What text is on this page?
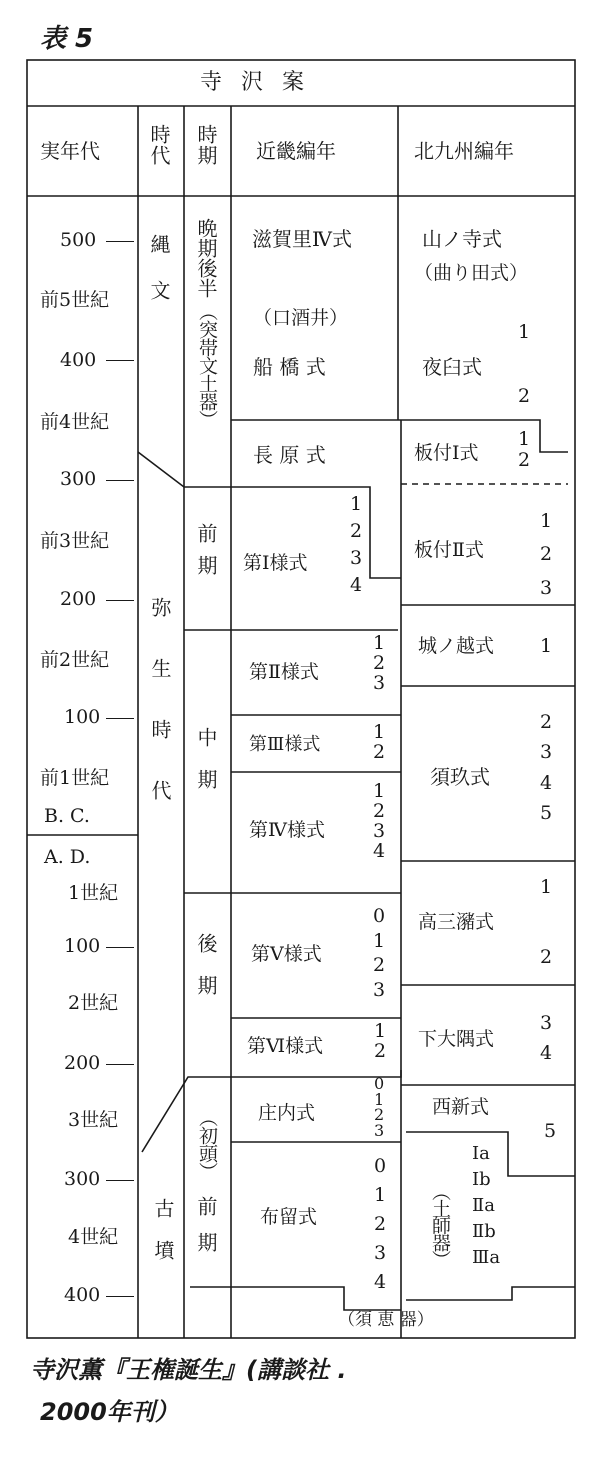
表 5
寺 沢 案
実年代 時代 時期 近畿編年	北九州編年
500
前5世紀
400
前4世紀
300
前3世紀
200
前2世紀
100
前1世紀
B. C.
A. D.
1世紀
100
2世紀
200
3世紀
300
4世紀
400
縄文
弥生時代
古墳
晩期後半
（突帯文土器）
前期
中期
後期
（初頭）
前期
滋賀里Ⅳ式
（口酒井）
船 橋 式
長 原 式
第Ⅰ様式
1
2
3
4
第Ⅱ様式
1
2
3
第Ⅲ様式
1
2
第Ⅳ様式
1
2
3
4
第Ⅴ様式
0
1
2
3
第Ⅵ様式
1
2
庄内式
0
1
2
3
布留式
0
1
2
3
4
（須 恵 器）
山ノ寺式
（曲り田式）
夜臼式
1
2
板付Ⅰ式
1
2
板付Ⅱ式
1
2
3
城ノ越式 1
須玖式
2
3
4
5
高三瀦式
1
2
下大隅式
3
4
西新式
5
（土師器）
Ⅰa
Ⅰb
Ⅱa
Ⅱb
Ⅲa
寺沢薫『王権誕生』(講談社 .
2000年刊）
